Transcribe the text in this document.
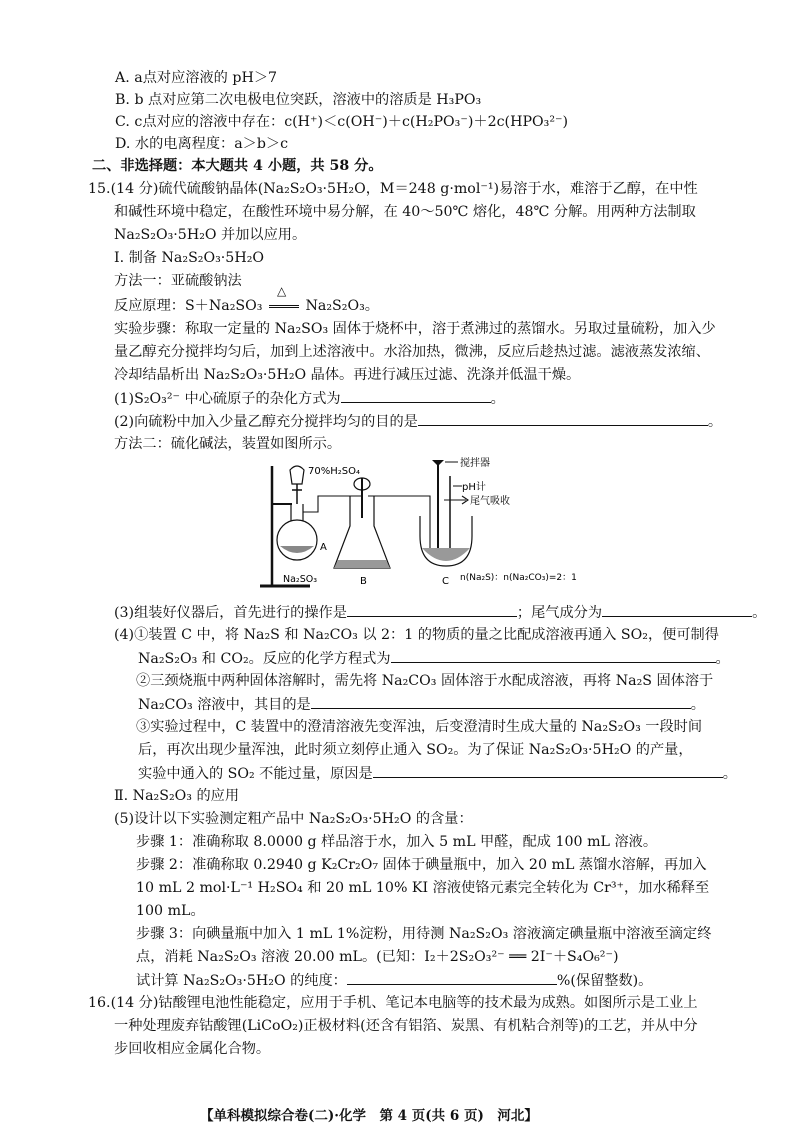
A. a点对应溶液的 pH＞7
B. b 点对应第二次电极电位突跃，溶液中的溶质是 H₃PO₃
C. c点对应的溶液中存在：c(H⁺)＜c(OH⁻)＋c(H₂PO₃⁻)＋2c(HPO₃²⁻)
D. 水的电离程度：a＞b＞c
二、非选择题：本大题共 4 小题，共 58 分。
15.(14 分)硫代硫酸钠晶体(Na₂S₂O₃·5H₂O，M＝248 g·mol⁻¹)易溶于水，难溶于乙醇，在中性
和碱性环境中稳定，在酸性环境中易分解，在 40～50℃ 熔化，48℃ 分解。用两种方法制取
Na₂S₂O₃·5H₂O 并加以应用。
Ⅰ. 制备 Na₂S₂O₃·5H₂O
方法一：亚硫酸钠法
反应原理：S＋Na₂SO₃
△
Na₂S₂O₃。
实验步骤：称取一定量的 Na₂SO₃ 固体于烧杯中，溶于煮沸过的蒸馏水。另取过量硫粉，加入少
量乙醇充分搅拌均匀后，加到上述溶液中。水浴加热，微沸，反应后趁热过滤。滤液蒸发浓缩、
冷却结晶析出 Na₂S₂O₃·5H₂O 晶体。再进行减压过滤、洗涤并低温干燥。
(1)S₂O₃²⁻ 中心硫原子的杂化方式为	。
(2)向硫粉中加入少量乙醇充分搅拌均匀的目的是	。
方法二：硫化碱法，装置如图所示。
70%H₂SO₄
A
Na₂SO₃	B
搅拌器
pH计
尾气吸收
C n(Na₂S)：n(Na₂CO₃)=2：1
(3)组装好仪器后，首先进行的操作是	；尾气成分为	。
(4)①装置 C 中，将 Na₂S 和 Na₂CO₃ 以 2：1 的物质的量之比配成溶液再通入 SO₂，便可制得
Na₂S₂O₃ 和 CO₂。反应的化学方程式为	。
②三颈烧瓶中两种固体溶解时，需先将 Na₂CO₃ 固体溶于水配成溶液，再将 Na₂S 固体溶于
Na₂CO₃ 溶液中，其目的是	。
③实验过程中，C 装置中的澄清溶液先变浑浊，后变澄清时生成大量的 Na₂S₂O₃ 一段时间
后，再次出现少量浑浊，此时须立刻停止通入 SO₂。为了保证 Na₂S₂O₃·5H₂O 的产量，
实验中通入的 SO₂ 不能过量，原因是	。
Ⅱ. Na₂S₂O₃ 的应用
(5)设计以下实验测定粗产品中 Na₂S₂O₃·5H₂O 的含量：
步骤 1：准确称取 8.0000 g 样品溶于水，加入 5 mL 甲醛，配成 100 mL 溶液。
步骤 2：准确称取 0.2940 g K₂Cr₂O₇ 固体于碘量瓶中，加入 20 mL 蒸馏水溶解，再加入
10 mL 2 mol·L⁻¹ H₂SO₄ 和 20 mL 10% KI 溶液使铬元素完全转化为 Cr³⁺，加水稀释至
100 mL。
步骤 3：向碘量瓶中加入 1 mL 1%淀粉，用待测 Na₂S₂O₃ 溶液滴定碘量瓶中溶液至滴定终
点，消耗 Na₂S₂O₃ 溶液 20.00 mL。(已知：I₂＋2S₂O₃²⁻ ══ 2I⁻＋S₄O₆²⁻)
试计算 Na₂S₂O₃·5H₂O 的纯度：	%(保留整数)。
16.(14 分)钴酸锂电池性能稳定，应用于手机、笔记本电脑等的技术最为成熟。如图所示是工业上
一种处理废弃钴酸锂(LiCoO₂)正极材料(还含有铝箔、炭黑、有机粘合剂等)的工艺，并从中分
步回收相应金属化合物。
【单科模拟综合卷(二)·化学　第 4 页(共 6 页)　河北】
